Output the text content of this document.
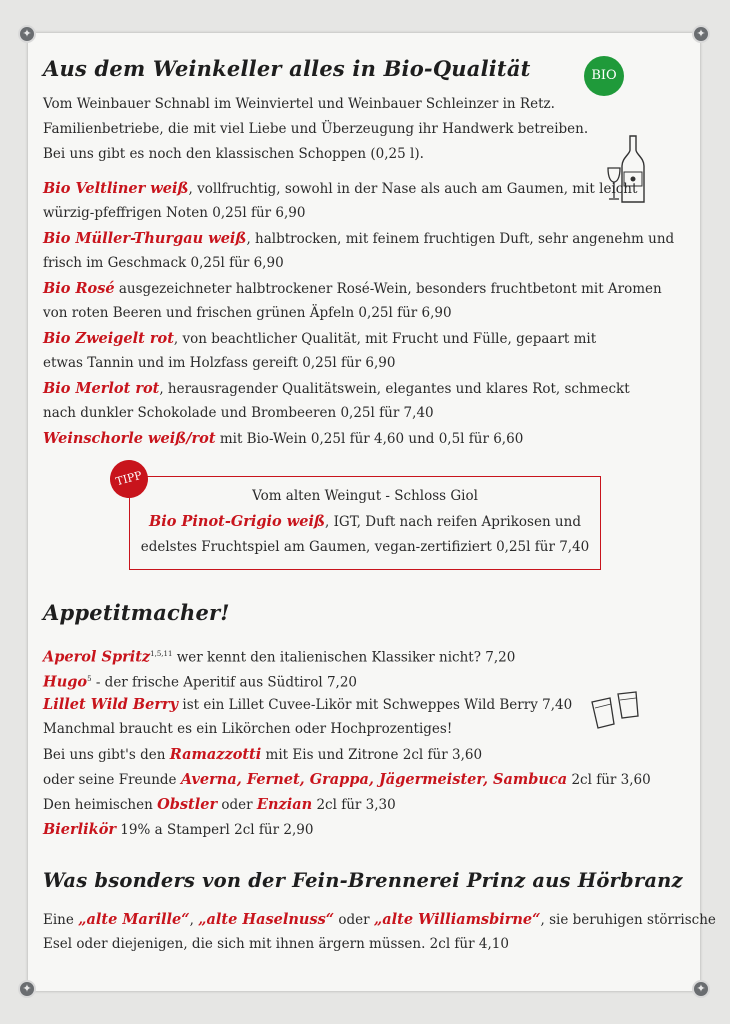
✦	✦
✦	✦
Aus dem Weinkeller alles in Bio-Qualität	BIO

Vom Weinbauer Schnabl im Weinviertel und Weinbauer Schleinzer in Retz.

Familienbetriebe, die mit viel Liebe und Überzeugung ihr Handwerk betreiben.

Bei uns gibt es noch den klassischen Schoppen (0,25 l).

Bio Veltliner weiß, vollfruchtig, sowohl in der Nase als auch am Gaumen, mit leicht

würzig-pfeffrigen Noten 0,25l für 6,90

Bio Müller-Thurgau weiß, halbtrocken, mit feinem fruchtigen Duft, sehr angenehm und

frisch im Geschmack 0,25l für 6,90

Bio Rosé ausgezeichneter halbtrockener Rosé-Wein, besonders fruchtbetont mit Aromen

von roten Beeren und frischen grünen Äpfeln 0,25l für 6,90

Bio Zweigelt rot, von beachtlicher Qualität, mit Frucht und Fülle, gepaart mit

etwas Tannin und im Holzfass gereift 0,25l für 6,90

Bio Merlot rot, herausragender Qualitätswein, elegantes und klares Rot, schmeckt

nach dunkler Schokolade und Brombeeren 0,25l für 7,40

Weinschorle weiß/rot mit Bio-Wein 0,25l für 4,60 und 0,5l für 6,60

Vom alten Weingut - Schloss Giol
Bio Pinot-Grigio weiß, IGT, Duft nach reifen Aprikosen und
edelstes Fruchtspiel am Gaumen, vegan-zertifiziert 0,25l für 7,40
TIPP
Appetitmacher!

Aperol Spritz$^{1,5,11}$ wer kennt den italienischen Klassiker nicht? 7,20

Hugo$^5$ - der frische Aperitif aus Südtirol 7,20

Lillet Wild Berry ist ein Lillet Cuvee-Likör mit Schweppes Wild Berry 7,40

Manchmal braucht es ein Likörchen oder Hochprozentiges!

Bei uns gibt's den Ramazzotti mit Eis und Zitrone 2cl für 3,60

oder seine Freunde Averna, Fernet, Grappa, Jägermeister, Sambuca 2cl für 3,60

Den heimischen Obstler oder Enzian 2cl für 3,30

Bierlikör 19% a Stamperl 2cl für 2,90

Was bsonders von der Fein-Brennerei Prinz aus Hörbranz

Eine „alte Marille“, „alte Haselnuss“ oder „alte Williamsbirne“, sie beruhigen störrische

Esel oder diejenigen, die sich mit ihnen ärgern müssen. 2cl für 4,10
